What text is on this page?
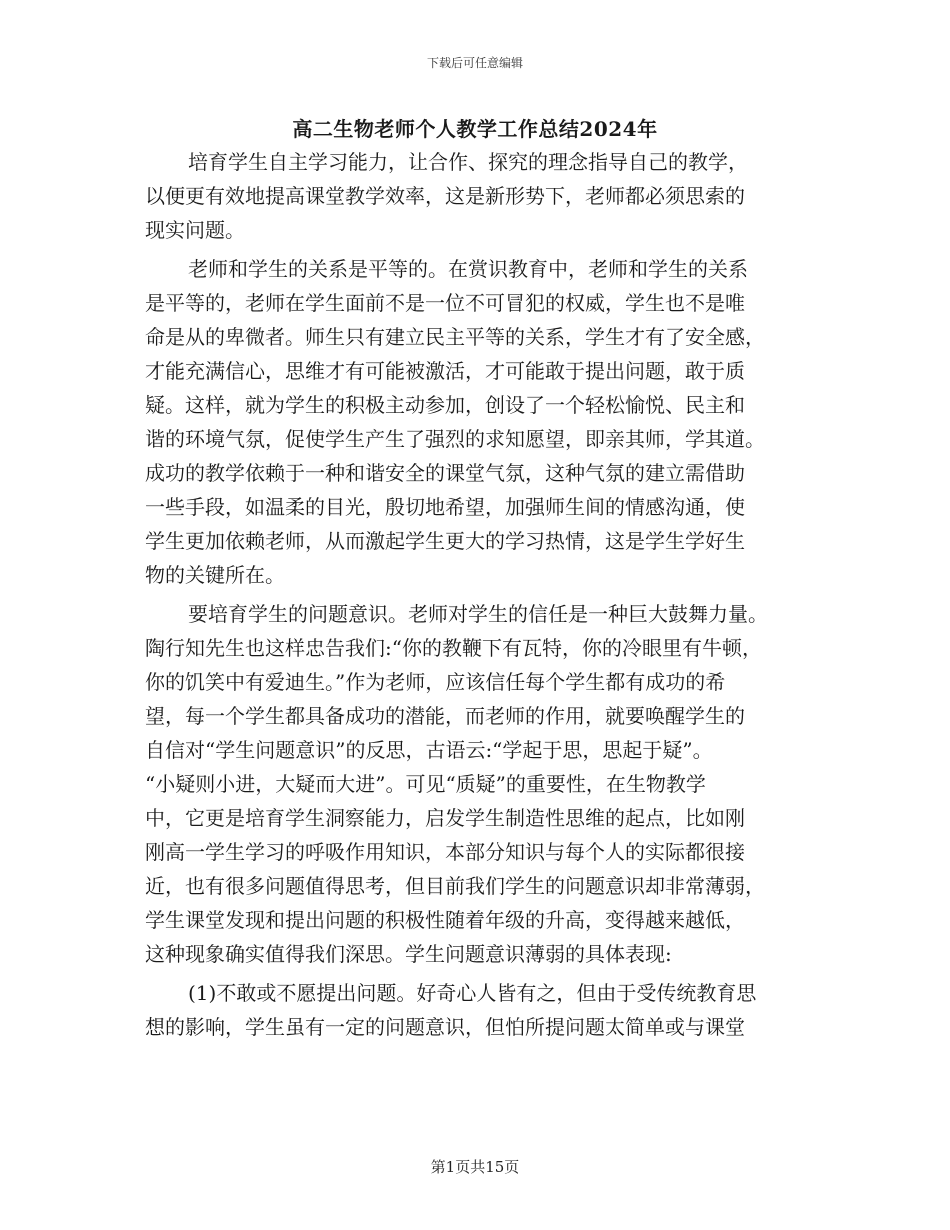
下载后可任意编辑
高二生物老师个人教学工作总结2024年
培育学生自主学习能力，让合作、探究的理念指导自己的教学，
以便更有效地提高课堂教学效率，这是新形势下，老师都必须思索的
现实问题。
老师和学生的关系是平等的。在赏识教育中，老师和学生的关系
是平等的，老师在学生面前不是一位不可冒犯的权威，学生也不是唯
命是从的卑微者。师生只有建立民主平等的关系，学生才有了安全感，
才能充满信心，思维才有可能被激活，才可能敢于提出问题，敢于质
疑。这样，就为学生的积极主动参加，创设了一个轻松愉悦、民主和
谐的环境气氛，促使学生产生了强烈的求知愿望，即亲其师，学其道。
成功的教学依赖于一种和谐安全的课堂气氛，这种气氛的建立需借助
一些手段，如温柔的目光，殷切地希望，加强师生间的情感沟通，使
学生更加依赖老师，从而激起学生更大的学习热情，这是学生学好生
物的关键所在。
要培育学生的问题意识。老师对学生的信任是一种巨大鼓舞力量。
陶行知先生也这样忠告我们:“你的教鞭下有瓦特，你的冷眼里有牛顿，
你的饥笑中有爱迪生。”作为老师，应该信任每个学生都有成功的希
望，每一个学生都具备成功的潜能，而老师的作用，就要唤醒学生的
自信对“学生问题意识”的反思，古语云:“学起于思，思起于疑”。
“小疑则小进，大疑而大进”。可见“质疑”的重要性，在生物教学
中，它更是培育学生洞察能力，启发学生制造性思维的起点，比如刚
刚高一学生学习的呼吸作用知识，本部分知识与每个人的实际都很接
近，也有很多问题值得思考，但目前我们学生的问题意识却非常薄弱，
学生课堂发现和提出问题的积极性随着年级的升高，变得越来越低，
这种现象确实值得我们深思。学生问题意识薄弱的具体表现:
(1)不敢或不愿提出问题。好奇心人皆有之，但由于受传统教育思
想的影响，学生虽有一定的问题意识，但怕所提问题太简单或与课堂
第1页共15页
